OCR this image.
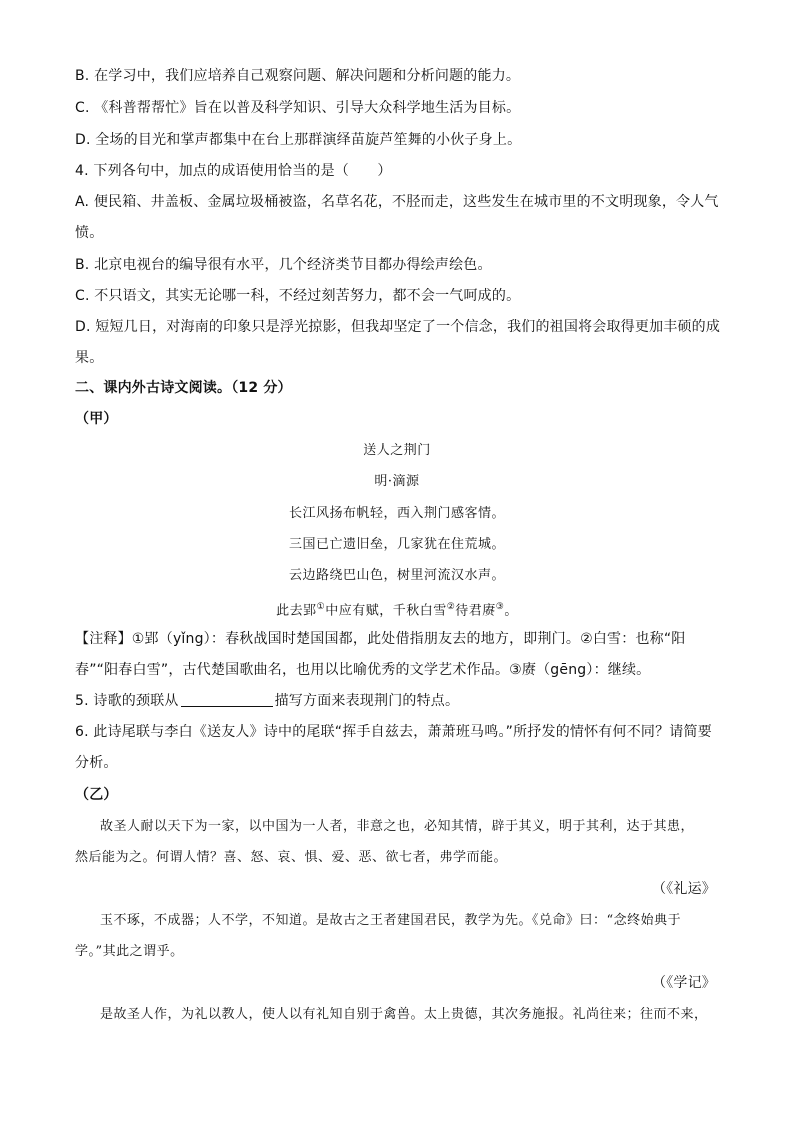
B. 在学习中，我们应培养自己观察问题、解决问题和分析问题的能力。
C. 《科普帮帮忙》旨在以普及科学知识、引导大众科学地生活为目标。
D. 全场的目光和掌声都集中在台上那群演绎苗旋芦笙舞的小伙子身上。
4. 下列各句中，加点的成语使用恰当的是（　　）
A. 便民箱、井盖板、金属垃圾桶被盗，名草名花，不胫而走，这些发生在城市里的不文明现象，令人气
愤。
B. 北京电视台的编导很有水平，几个经济类节目都办得绘声绘色。
C. 不只语文，其实无论哪一科，不经过刻苦努力，都不会一气呵成的。
D. 短短几日，对海南的印象只是浮光掠影，但我却坚定了一个信念，我们的祖国将会取得更加丰硕的成
果。
二、课内外古诗文阅读。（12 分）
（甲）
送人之荆门
明·滴源
长江风扬布帆轻，西入荆门感客情。
三国已亡遗旧垒，几家犹在住荒城。
云边路绕巴山色，树里河流汉水声。
此去郢①中应有赋，千秋白雪②待君赓③。
【注释】①郢（yǐng）：春秋战国时楚国国都，此处借指朋友去的地方，即荆门。②白雪：也称“阳
春”“阳春白雪”，古代楚国歌曲名，也用以比喻优秀的文学艺术作品。③赓（gēng）：继续。
5. 诗歌的颈联从	描写方面来表现荆门的特点。
6. 此诗尾联与李白《送友人》诗中的尾联“挥手自兹去，萧萧班马鸣。”所抒发的情怀有何不同？请简要
分析。
（乙）
故圣人耐以天下为一家，以中国为一人者，非意之也，必知其情，辟于其义，明于其利，达于其患，
然后能为之。何谓人情？喜、怒、哀、惧、爱、恶、欲七者，弗学而能。
（《礼运》
玉不琢，不成器；人不学，不知道。是故古之王者建国君民，教学为先。《兑命》曰：“念终始典于
学。”其此之谓乎。
（《学记》
是故圣人作，为礼以教人，使人以有礼知自别于禽兽。太上贵德，其次务施报。礼尚往来；往而不来，
